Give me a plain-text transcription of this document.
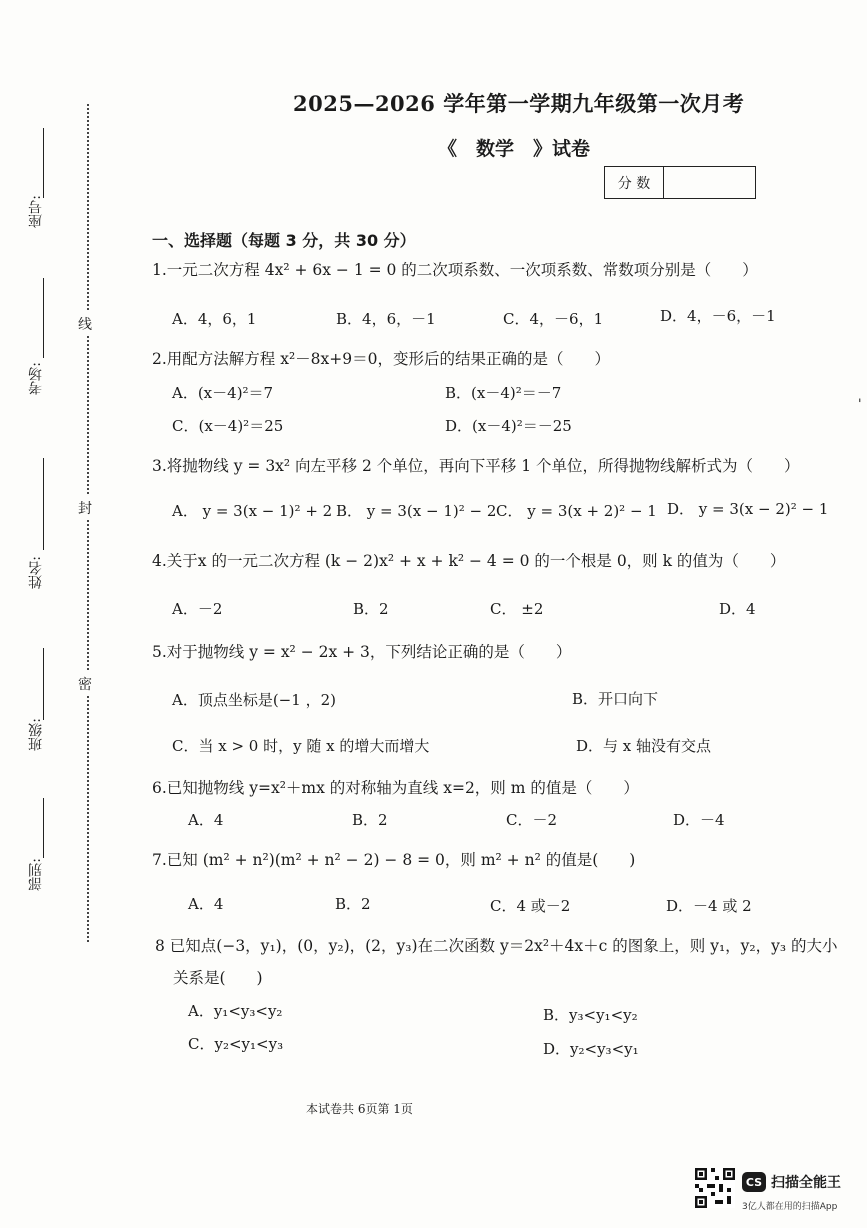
座号:
考场:
姓名:
班级:
部别:
线
封
密
2025—2026 学年第一学期九年级第一次月考
《　数学　》试卷
分 数
一、选择题（每题 3 分，共 30 分）
1.一元二次方程 4x² + 6x − 1 = 0 的二次项系数、一次项系数、常数项分别是（　　）
A．4，6，1	B．4，6，－1	C．4，－6，1	D．4，－6，－1
2.用配方法解方程 x²－8x+9＝0，变形后的结果正确的是（　　）
A．(x－4)²＝7	B．(x－4)²＝－7
C．(x－4)²＝25	D．(x－4)²＝－25
3.将抛物线 y = 3x² 向左平移 2 个单位，再向下平移 1 个单位，所得抛物线解析式为（　　）
A． y = 3(x − 1)² + 2 B． y = 3(x − 1)² − 2 C． y = 3(x + 2)² − 1 D． y = 3(x − 2)² − 1
4.关于x 的一元二次方程 (k − 2)x² + x + k² − 4 = 0 的一个根是 0，则 k 的值为（　　）
A．－2	B．2	C． ±2	D．4
5.对于抛物线 y = x² − 2x + 3，下列结论正确的是（　　）
A．顶点坐标是(−1 ，2)	B．开口向下
C．当 x > 0 时，y 随 x 的增大而增大	D．与 x 轴没有交点
6.已知抛物线 y=x²＋mx 的对称轴为直线 x=2，则 m 的值是（　　）
A．4	B．2	C．－2	D．－4
7.已知 (m² + n²)(m² + n² − 2) − 8 = 0，则 m² + n² 的值是(　　)
A．4	B．2	C．4 或－2	D．－4 或 2
8 已知点(−3，y₁)，(0，y₂)，(2，y₃)在二次函数 y＝2x²＋4x＋c 的图象上，则 y₁，y₂，y₃ 的大小
关系是(　　)
A．y₁<y₃<y₂	B．y₃<y₁<y₂
C．y₂<y₁<y₃	D．y₂<y₃<y₁
'
本试卷共 6页第 1页
CS 扫描全能王
3亿人都在用的扫描App
